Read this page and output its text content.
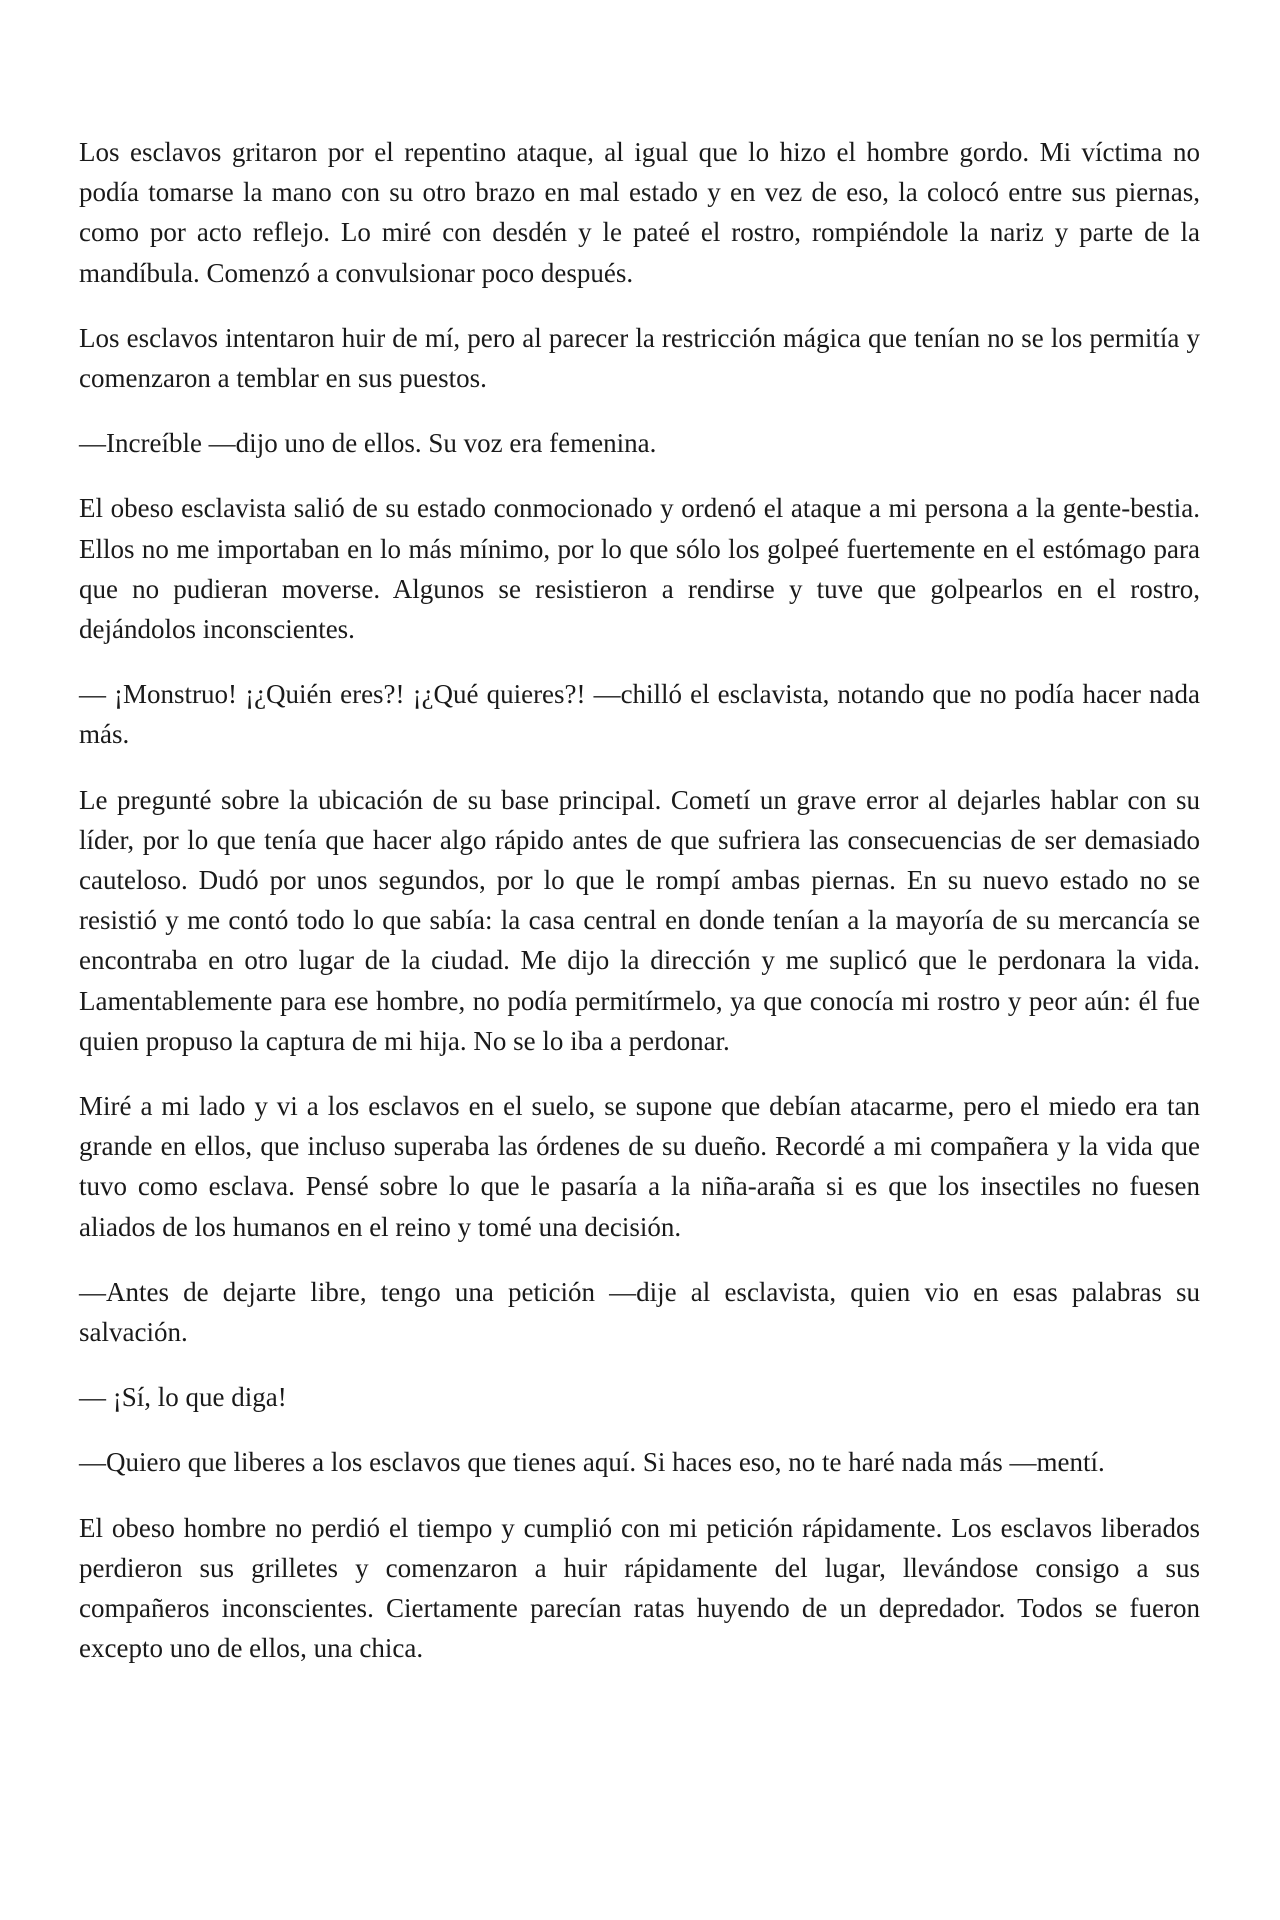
Los esclavos gritaron por el repentino ataque, al igual que lo hizo el hombre gordo. Mi víctima no podía tomarse la mano con su otro brazo en mal estado y en vez de eso, la colocó entre sus piernas, como por acto reflejo. Lo miré con desdén y le pateé el rostro, rompiéndole la nariz y parte de la mandíbula. Comenzó a convulsionar poco después.

Los esclavos intentaron huir de mí, pero al parecer la restricción mágica que tenían no se los permitía y comenzaron a temblar en sus puestos.

—Increíble —dijo uno de ellos. Su voz era femenina.

El obeso esclavista salió de su estado conmocionado y ordenó el ataque a mi persona a la gente-bestia. Ellos no me importaban en lo más mínimo, por lo que sólo los golpeé fuertemente en el estómago para que no pudieran moverse. Algunos se resistieron a rendirse y tuve que golpearlos en el rostro, dejándolos inconscientes.

— ¡Monstruo! ¡¿Quién eres?! ¡¿Qué quieres?! —chilló el esclavista, notando que no podía hacer nada más.

Le pregunté sobre la ubicación de su base principal. Cometí un grave error al dejarles hablar con su líder, por lo que tenía que hacer algo rápido antes de que sufriera las consecuencias de ser demasiado cauteloso. Dudó por unos segundos, por lo que le rompí ambas piernas. En su nuevo estado no se resistió y me contó todo lo que sabía: la casa central en donde tenían a la mayoría de su mercancía se encontraba en otro lugar de la ciudad. Me dijo la dirección y me suplicó que le perdonara la vida. Lamentablemente para ese hombre, no podía permitírmelo, ya que conocía mi rostro y peor aún: él fue quien propuso la captura de mi hija. No se lo iba a perdonar.

Miré a mi lado y vi a los esclavos en el suelo, se supone que debían atacarme, pero el miedo era tan grande en ellos, que incluso superaba las órdenes de su dueño. Recordé a mi compañera y la vida que tuvo como esclava. Pensé sobre lo que le pasaría a la niña-araña si es que los insectiles no fuesen aliados de los humanos en el reino y tomé una decisión.

—Antes de dejarte libre, tengo una petición —dije al esclavista, quien vio en esas palabras su salvación.

— ¡Sí, lo que diga!

—Quiero que liberes a los esclavos que tienes aquí. Si haces eso, no te haré nada más —mentí.

El obeso hombre no perdió el tiempo y cumplió con mi petición rápidamente. Los esclavos liberados perdieron sus grilletes y comenzaron a huir rápidamente del lugar, llevándose consigo a sus compañeros inconscientes. Ciertamente parecían ratas huyendo de un depredador. Todos se fueron excepto uno de ellos, una chica.
